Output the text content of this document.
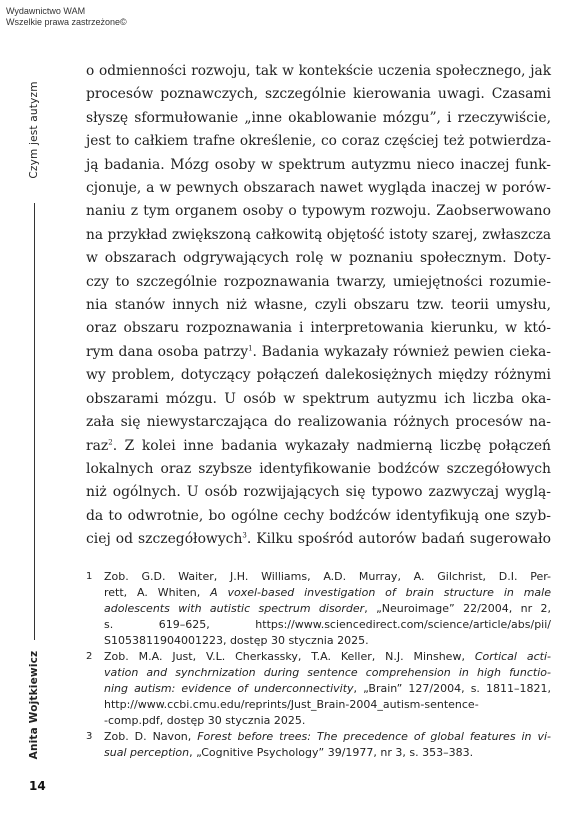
Wydawnictwo WAM
Wszelkie prawa zastrzeżone©
Czym jest autyzm
Anita Wojtkiewicz
14
o odmienności rozwoju, tak w kontekście uczenia społecznego, jak
procesów poznawczych, szczególnie kierowania uwagi. Czasami
słyszę sformułowanie „inne okablowanie mózgu”, i rzeczywiście,
jest to całkiem trafne określenie, co coraz częściej też potwierdza-
ją badania. Mózg osoby w spektrum autyzmu nieco inaczej funk-
cjonuje, a w pewnych obszarach nawet wygląda inaczej w porów-
naniu z tym organem osoby o typowym rozwoju. Zaobserwowano
na przykład zwiększoną całkowitą objętość istoty szarej, zwłaszcza
w obszarach odgrywających rolę w poznaniu społecznym. Doty-
czy to szczególnie rozpoznawania twarzy, umiejętności rozumie-
nia stanów innych niż własne, czyli obszaru tzw. teorii umysłu,
oraz obszaru rozpoznawania i interpretowania kierunku, w któ-
rym dana osoba patrzy$^1$. Badania wykazały również pewien cieka-
wy problem, dotyczący połączeń dalekosiężnych między różnymi
obszarami mózgu. U osób w spektrum autyzmu ich liczba oka-
zała się niewystarczająca do realizowania różnych procesów na-
raz$^2$. Z kolei inne badania wykazały nadmierną liczbę połączeń
lokalnych oraz szybsze identyfikowanie bodźców szczegółowych
niż ogólnych. U osób rozwijających się typowo zazwyczaj wyglą-
da to odwrotnie, bo ogólne cechy bodźców identyfikują one szyb-
ciej od szczegółowych$^3$. Kilku spośród autorów badań sugerowało
1 Zob. G.D. Waiter, J.H. Williams, A.D. Murray, A. Gilchrist, D.I. Per-
rett, A. Whiten, A voxel-based investigation of brain structure in male
adolescents with autistic spectrum disorder, „Neuroimage” 22/2004, nr 2,
s. 619–625, https://www.sciencedirect.com/science/article/abs/pii/
S1053811904001223, dostęp 30 stycznia 2025.
2 Zob. M.A. Just, V.L. Cherkassky, T.A. Keller, N.J. Minshew, Cortical acti-
vation and synchrnization during sentence comprehension in high functio-
ning autism: evidence of underconnectivity, „Brain” 127/2004, s. 1811–1821,
http://www.ccbi.cmu.edu/reprints/Just_Brain-2004_autism-sentence-
-comp.pdf, dostęp 30 stycznia 2025.
3 Zob. D. Navon, Forest before trees: The precedence of global features in vi-
sual perception, „Cognitive Psychology” 39/1977, nr 3, s. 353–383.
